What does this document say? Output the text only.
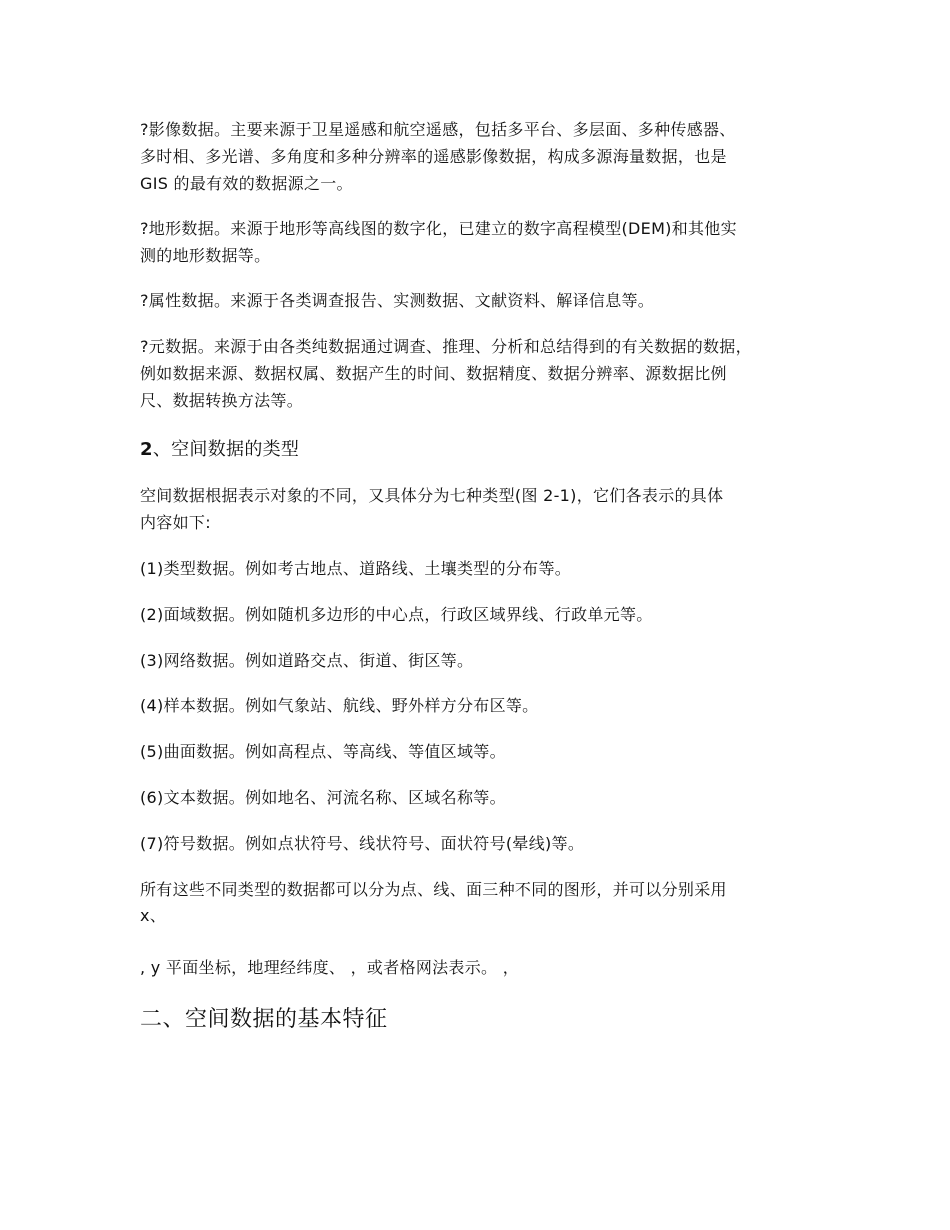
?影像数据。主要来源于卫星遥感和航空遥感，包括多平台、多层面、多种传感器、

多时相、多光谱、多角度和多种分辨率的遥感影像数据，构成多源海量数据，也是

GIS 的最有效的数据源之一。

?地形数据。来源于地形等高线图的数字化，已建立的数字高程模型(DEM)和其他实

测的地形数据等。

?属性数据。来源于各类调查报告、实测数据、文献资料、解译信息等。

?元数据。来源于由各类纯数据通过调查、推理、分析和总结得到的有关数据的数据，

例如数据来源、数据权属、数据产生的时间、数据精度、数据分辨率、源数据比例

尺、数据转换方法等。

2、空间数据的类型

空间数据根据表示对象的不同，又具体分为七种类型(图 2-1)，它们各表示的具体

内容如下:

(1)类型数据。例如考古地点、道路线、土壤类型的分布等。

(2)面域数据。例如随机多边形的中心点，行政区域界线、行政单元等。

(3)网络数据。例如道路交点、街道、街区等。

(4)样本数据。例如气象站、航线、野外样方分布区等。

(5)曲面数据。例如高程点、等高线、等值区域等。

(6)文本数据。例如地名、河流名称、区域名称等。

(7)符号数据。例如点状符号、线状符号、面状符号(晕线)等。

所有这些不同类型的数据都可以分为点、线、面三种不同的图形，并可以分别采用

x、

, y 平面坐标，地理经纬度、 ，或者格网法表示。 ，

二、空间数据的基本特征
